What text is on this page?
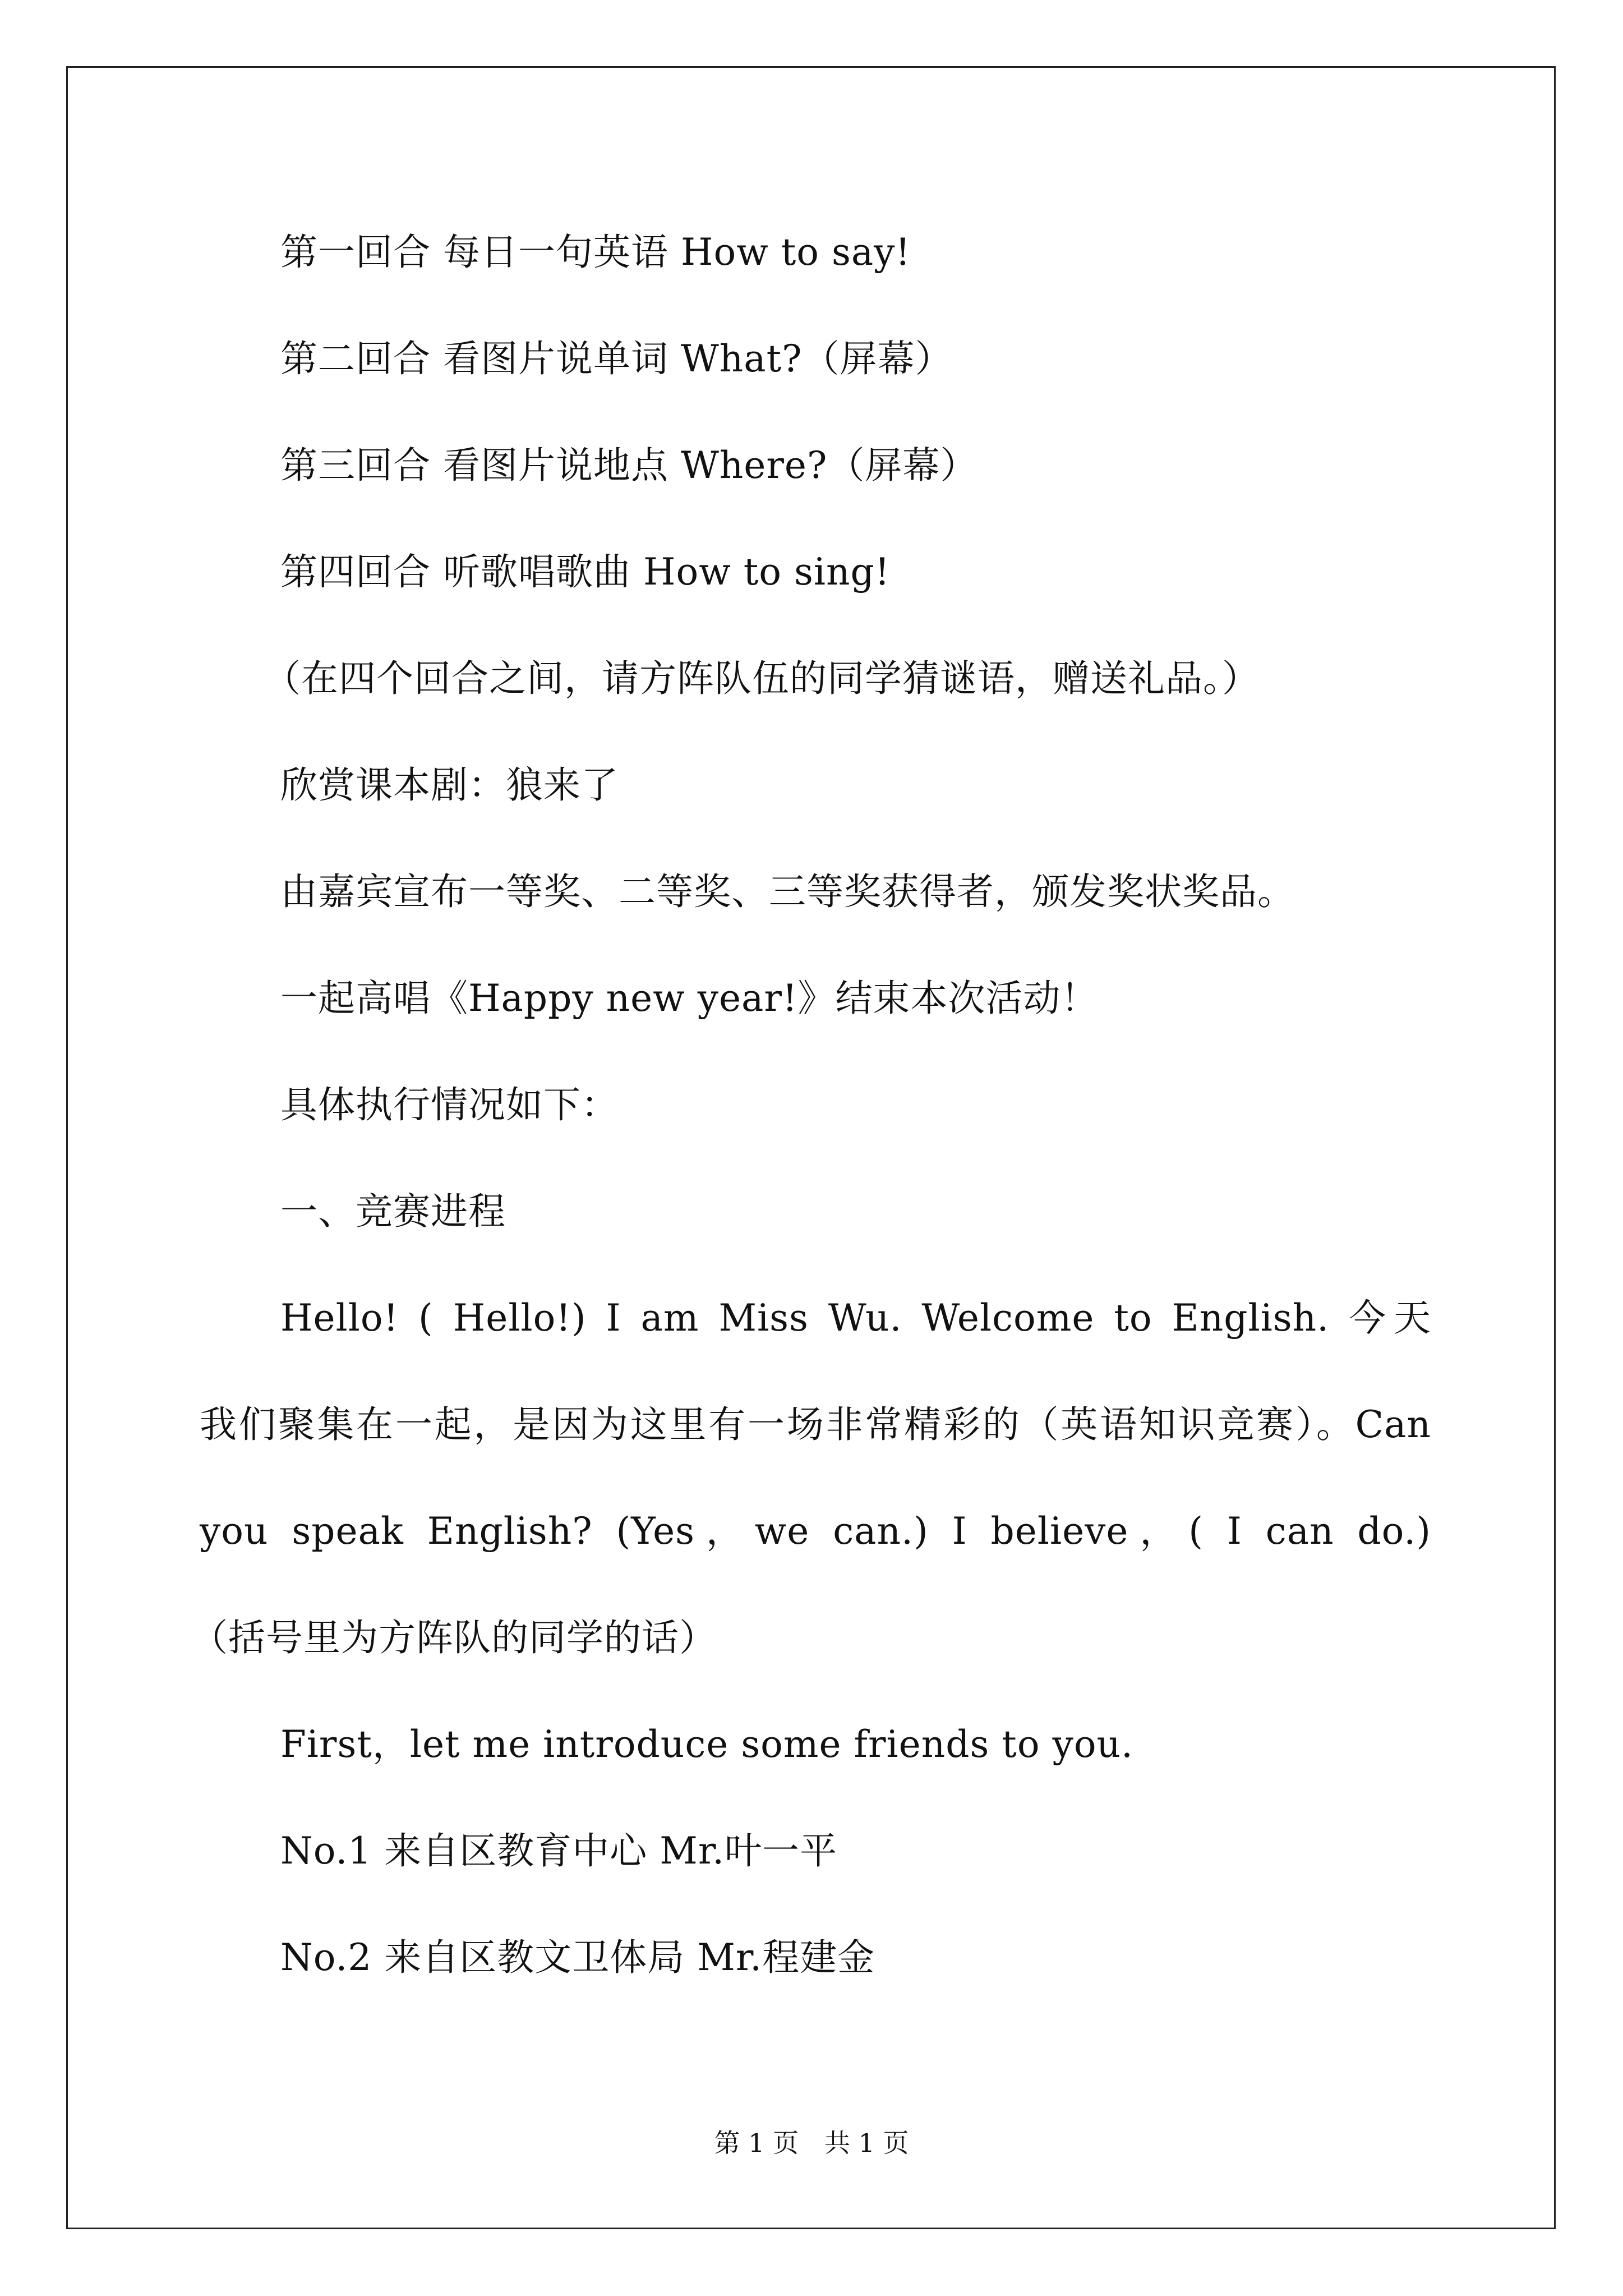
第一回合 每日一句英语 How to say!
第二回合 看图片说单词 What?（屏幕）
第三回合 看图片说地点 Where?（屏幕）
第四回合 听歌唱歌曲 How to sing!
（在四个回合之间，请方阵队伍的同学猜谜语，赠送礼品。）
欣赏课本剧：狼来了
由嘉宾宣布一等奖、二等奖、三等奖获得者，颁发奖状奖品。
一起高唱《Happy new year!》结束本次活动！
具体执行情况如下：
一、竞赛进程
Hello! ( Hello!) I am Miss Wu. Welcome to English. 今天
我们聚集在一起，是因为这里有一场非常精彩的（英语知识竞赛）。Can
you speak English? (Yes，we can.) I believe，( I can do.)
（括号里为方阵队的同学的话）
First，let me introduce some friends to you.
No.1 来自区教育中心 Mr.叶一平
No.2 来自区教文卫体局 Mr.程建金
第 1 页　共 1 页
